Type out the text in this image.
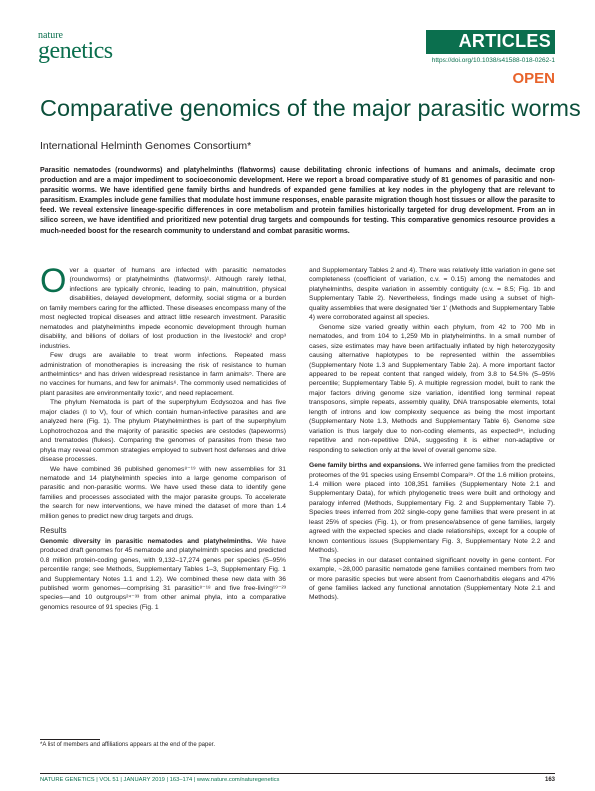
nature
genetics	ARTICLES
https://doi.org/10.1038/s41588-018-0262-1
OPEN
Comparative genomics of the major parasitic worms
International Helminth Genomes Consortium*
Parasitic nematodes (roundworms) and platyhelminths (flatworms) cause debilitating chronic infections of humans and animals, decimate crop production and are a major impediment to socioeconomic development. Here we report a broad comparative study of 81 genomes of parasitic and non-parasitic worms. We have identified gene family births and hundreds of expanded gene families at key nodes in the phylogeny that are relevant to parasitism. Examples include gene families that modulate host immune responses, enable parasite migration though host tissues or allow the parasite to feed. We reveal extensive lineage-specific differences in core metabolism and protein families historically targeted for drug development. From an in silico screen, we have identified and prioritized new potential drug targets and compounds for testing. This comparative genomics resource provides a much-needed boost for the research community to understand and combat parasitic worms.

Over a quarter of humans are infected with parasitic nematodes (roundworms) or platyhelminths (flatworms)¹. Although rarely lethal, infections are typically chronic, leading to pain, malnutrition, physical disabilities, delayed development, deformity, social stigma or a burden on family members caring for the afflicted. These diseases encompass many of the most neglected tropical diseases and attract little research investment. Parasitic nematodes and platyhelminths impede economic development through human disability, and billions of dollars of lost production in the livestock² and crop³ industries.

Few drugs are available to treat worm infections. Repeated mass administration of monotherapies is increasing the risk of resistance to human anthelmintics⁴ and has driven widespread resistance in farm animals⁵. There are no vaccines for humans, and few for animals⁶. The commonly used nematicides of plant parasites are environmentally toxic⁷, and need replacement.

The phylum Nematoda is part of the superphylum Ecdysozoa and has five major clades (I to V), four of which contain human-infective parasites and are analyzed here (Fig. 1). The phylum Platyhelminthes is part of the superphylum Lophotrochozoa and the majority of parasitic species are cestodes (tapeworms) and trematodes (flukes). Comparing the genomes of parasites from these two phyla may reveal common strategies employed to subvert host defenses and drive disease processes.

We have combined 36 published genomes⁸⁻¹⁹ with new assemblies for 31 nematode and 14 platyhelminth species into a large genome comparison of parasitic and non-parasitic worms. We have used these data to identify gene families and processes associated with the major parasite groups. To accelerate the search for new interventions, we have mined the dataset of more than 1.4 million genes to predict new drug targets and drugs.

Results

Genomic diversity in parasitic nematodes and platyhelminths. We have produced draft genomes for 45 nematode and platyhelminth species and predicted 0.8 million protein-coding genes, with 9,132–17,274 genes per species (5–95% percentile range; see Methods, Supplementary Tables 1–3, Supplementary Fig. 1 and Supplementary Notes 1.1 and 1.2). We combined these new data with 36 published worm genomes—comprising 31 parasitic⁸⁻¹⁸ and five free-living¹⁹⁻²³ species—and 10 outgroups²⁴⁻³³ from other animal phyla, into a comparative genomics resource of 91 species (Fig. 1

and Supplementary Tables 2 and 4). There was relatively little variation in gene set completeness (coefficient of variation, c.v. = 0.15) among the nematodes and platyhelminths, despite variation in assembly contiguity (c.v. = 8.5; Fig. 1b and Supplementary Table 2). Nevertheless, findings made using a subset of high-quality assemblies that were designated 'tier 1' (Methods and Supplementary Table 4) were corroborated against all species.

Genome size varied greatly within each phylum, from 42 to 700 Mb in nematodes, and from 104 to 1,259 Mb in platyhelminths. In a small number of cases, size estimates may have been artifactually inflated by high heterozygosity causing alternative haplotypes to be represented within the assemblies (Supplementary Note 1.3 and Supplementary Table 2a). A more important factor appeared to be repeat content that ranged widely, from 3.8 to 54.5% (5–95% percentile; Supplementary Table 5). A multiple regression model, built to rank the major factors driving genome size variation, identified long terminal repeat transposons, simple repeats, assembly quality, DNA transposable elements, total length of introns and low complexity sequence as being the most important (Supplementary Note 1.3, Methods and Supplementary Table 6). Genome size variation is thus largely due to non-coding elements, as expected³⁴, including repetitive and non-repetitive DNA, suggesting it is either non-adaptive or responding to selection only at the level of overall genome size.

Gene family births and expansions. We inferred gene families from the predicted proteomes of the 91 species using Ensembl Compara³⁵. Of the 1.6 million proteins, 1.4 million were placed into 108,351 families (Supplementary Note 2.1 and Supplementary Data), for which phylogenetic trees were built and orthology and paralogy inferred (Methods, Supplementary Fig. 2 and Supplementary Table 7). Species trees inferred from 202 single-copy gene families that were present in at least 25% of species (Fig. 1), or from presence/absence of gene families, largely agreed with the expected species and clade relationships, except for a couple of known contentious issues (Supplementary Fig. 3, Supplementary Note 2.2 and Methods).

The species in our dataset contained significant novelty in gene content. For example, ~28,000 parasitic nematode gene families contained members from two or more parasitic species but were absent from Caenorhabditis elegans and 47% of gene families lacked any functional annotation (Supplementary Note 2.1 and Methods).

*A list of members and affiliations appears at the end of the paper.
NATURE GENETICS | VOL 51 | JANUARY 2019 | 163–174 | www.nature.com/naturegenetics	163
